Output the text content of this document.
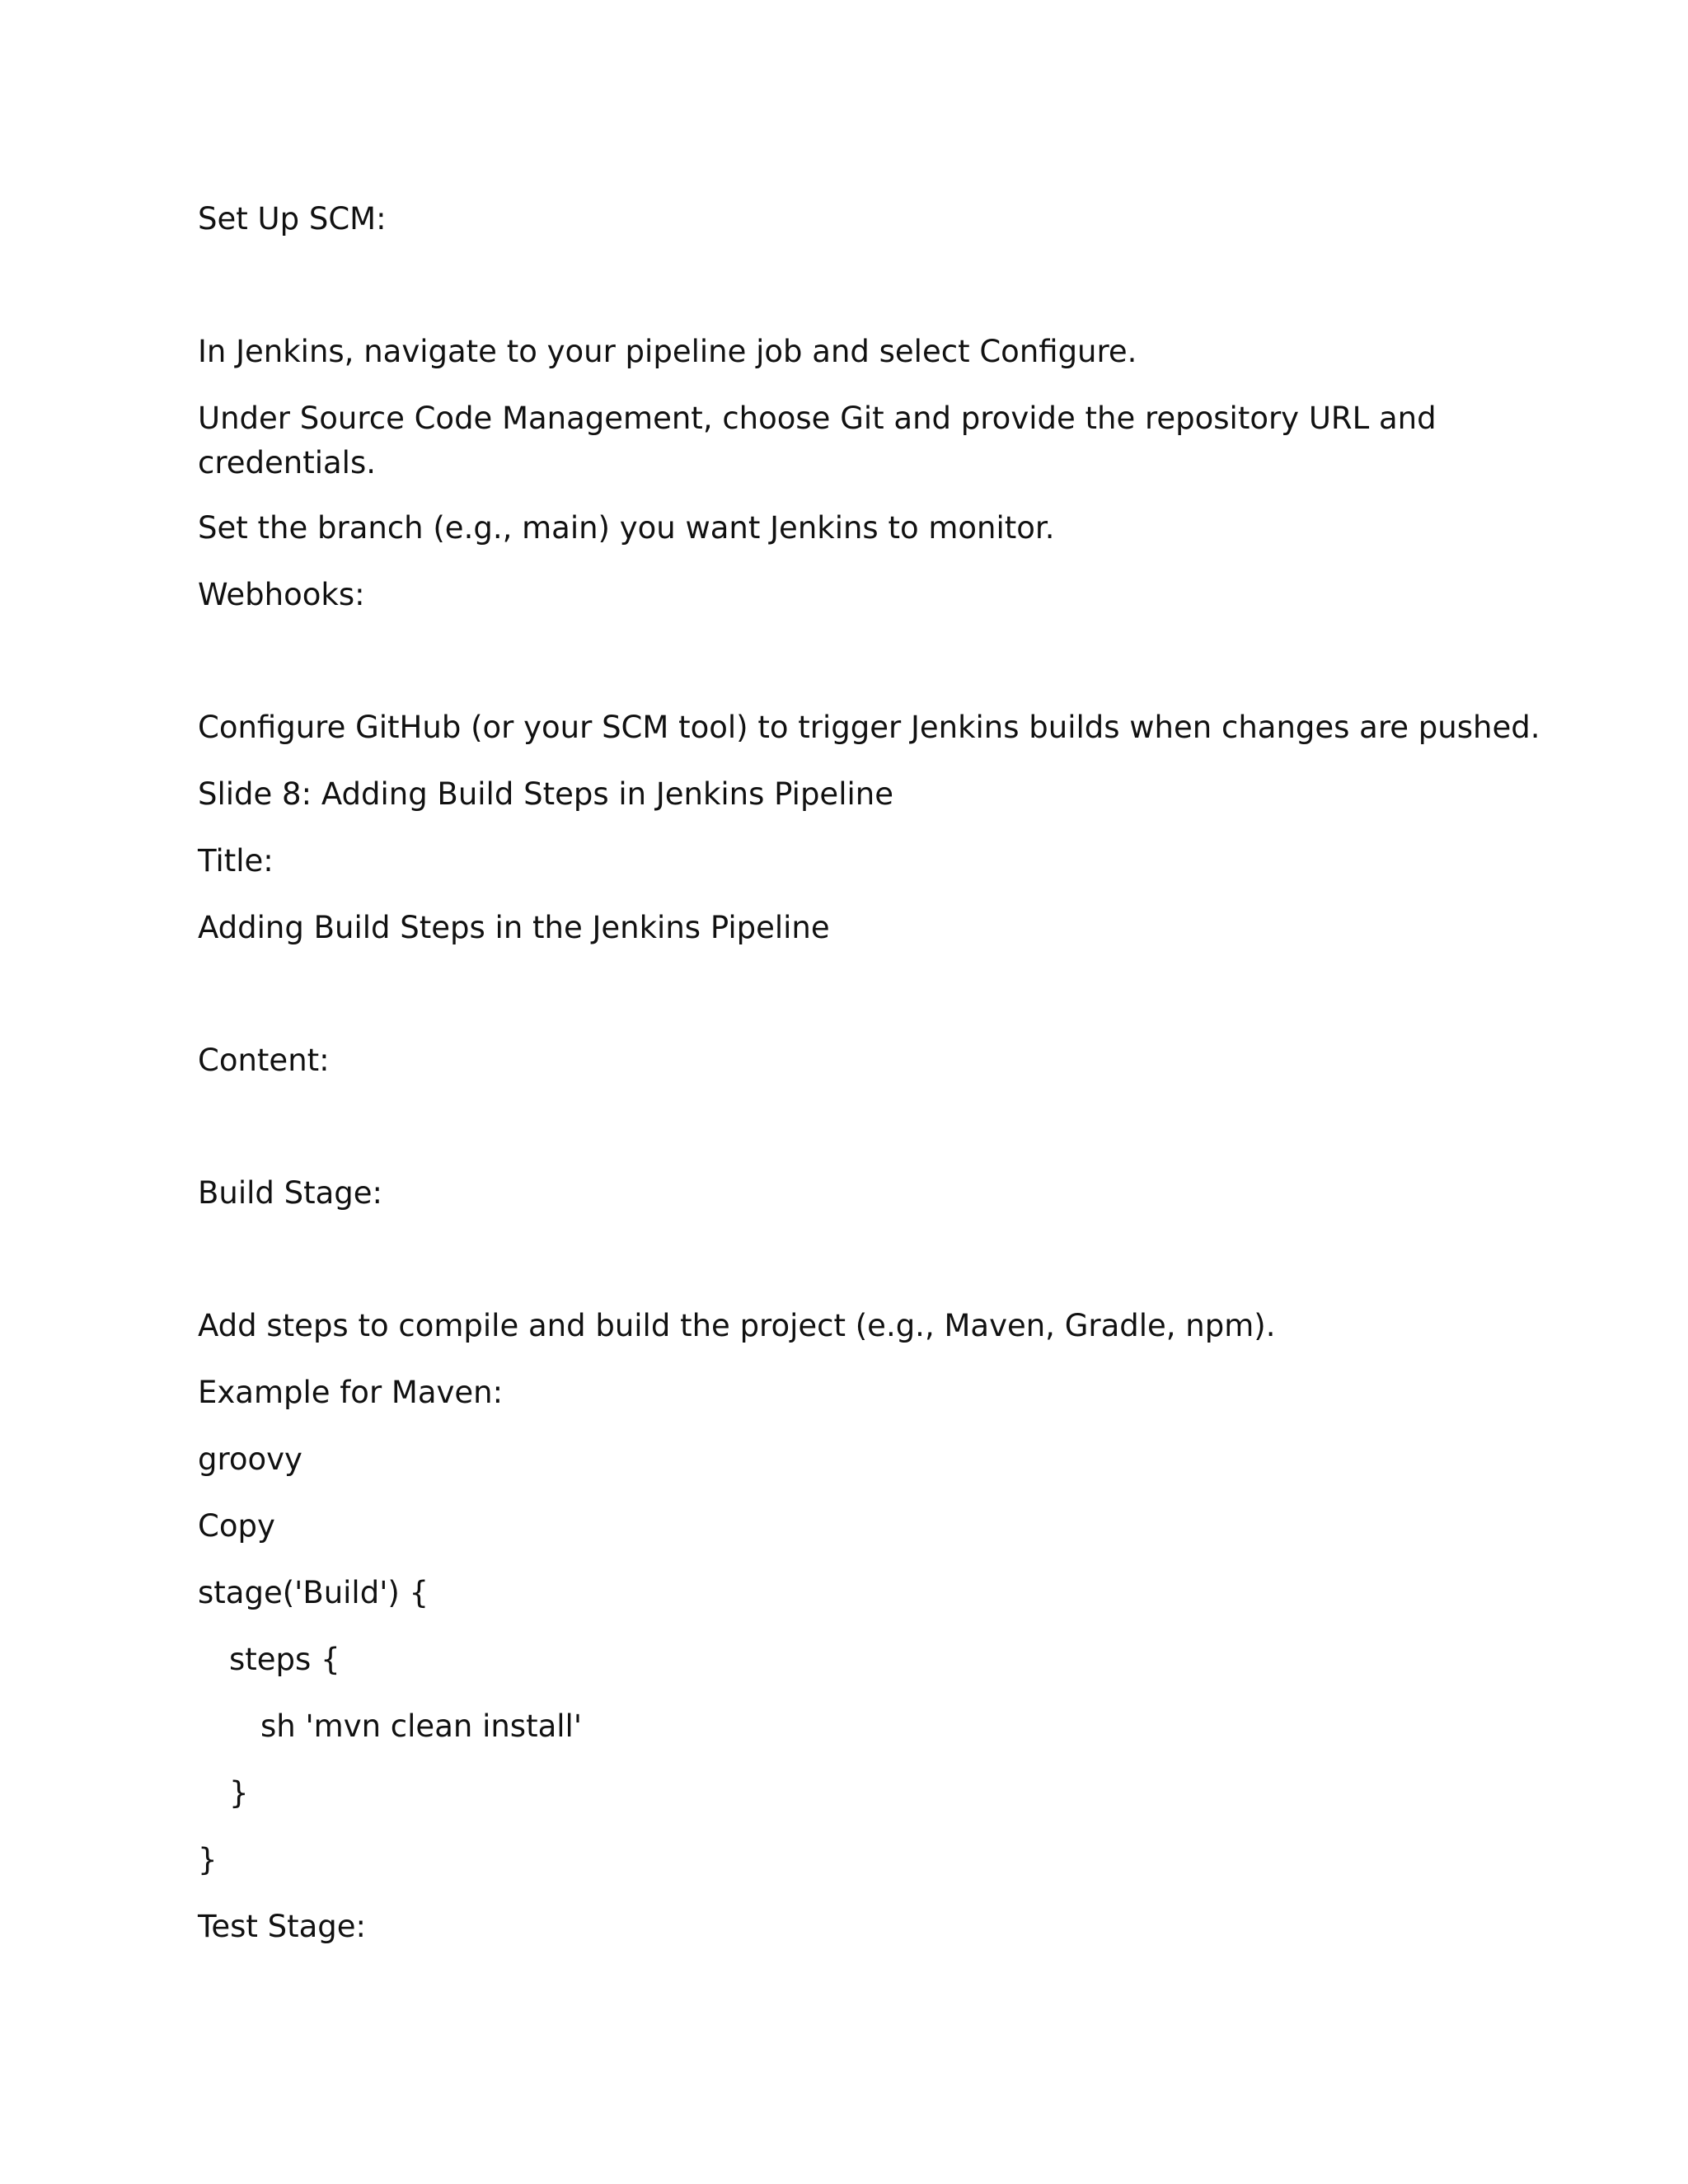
Set Up SCM:

In Jenkins, navigate to your pipeline job and select Configure.

Under Source Code Management, choose Git and provide the repository URL and credentials.

Set the branch (e.g., main) you want Jenkins to monitor.

Webhooks:

Configure GitHub (or your SCM tool) to trigger Jenkins builds when changes are pushed.

Slide 8: Adding Build Steps in Jenkins Pipeline

Title:

Adding Build Steps in the Jenkins Pipeline

Content:

Build Stage:

Add steps to compile and build the project (e.g., Maven, Gradle, npm).

Example for Maven:

groovy

Copy

stage('Build') {

steps {

sh 'mvn clean install'

}

}

Test Stage:
